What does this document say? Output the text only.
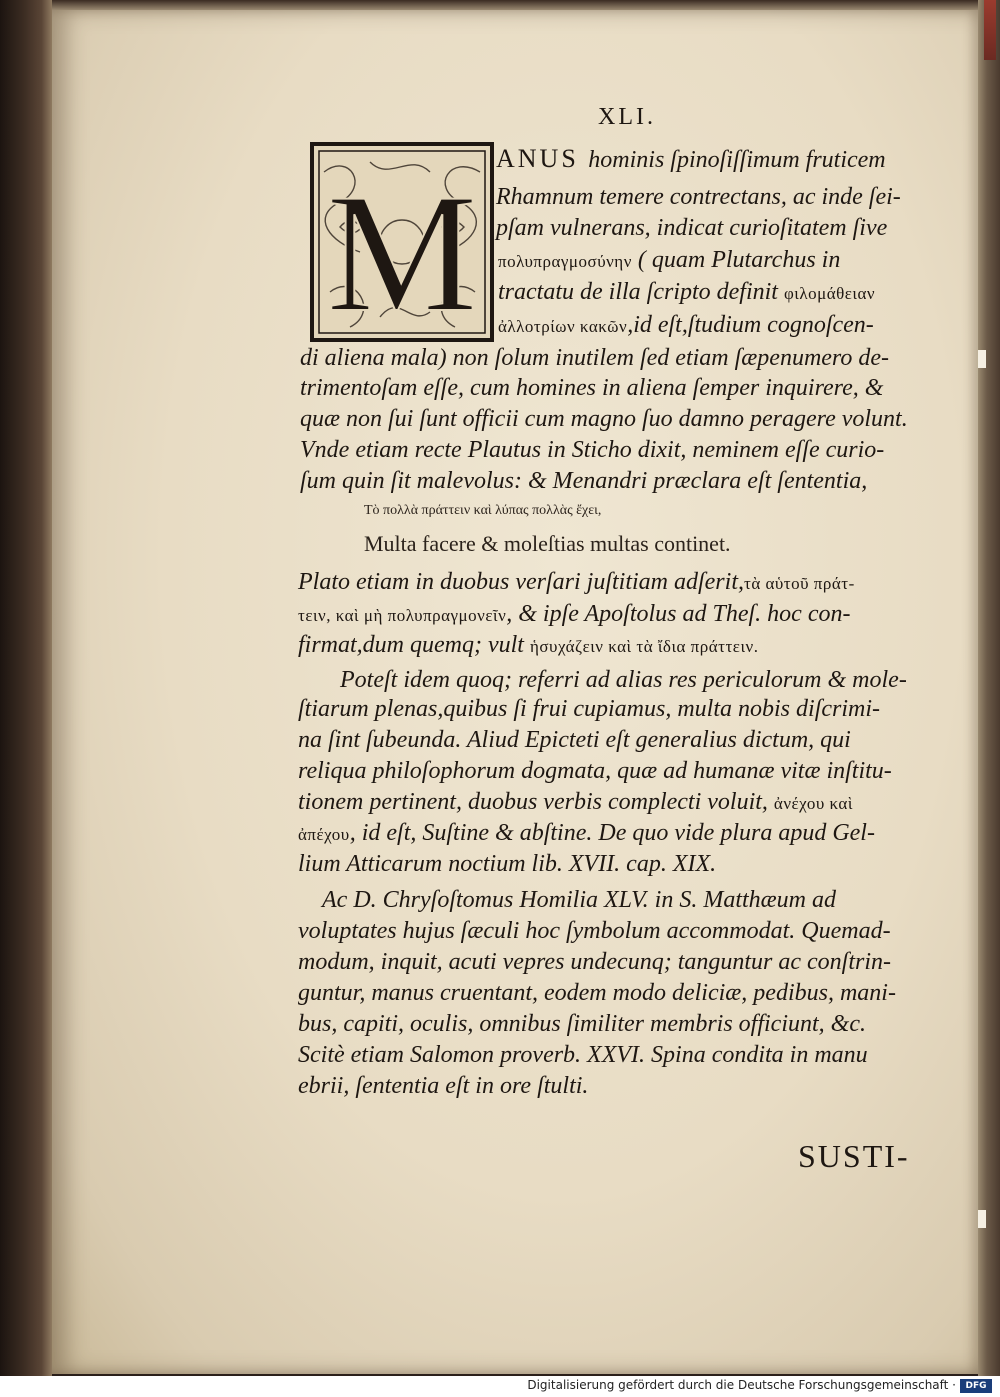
XLI.
M
ANUS hominis ſpinoſiſſimum fruticem
Rhamnum temere contrectans, ac inde ſei-
pſam vulnerans, indicat curioſitatem ſive
πολυπραγμοσύνην ( quam Plutarchus in
tractatu de illa ſcripto definit φιλομάθειαν
ἀλλοτρίων κακῶν,id eſt,ſtudium cognoſcen-
di aliena mala) non ſolum inutilem ſed etiam ſæpenumero de-
trimentoſam eſſe, cum homines in aliena ſemper inquirere, &
quæ non ſui ſunt officii cum magno ſuo damno peragere volunt.
Vnde etiam recte Plautus in Sticho dixit, neminem eſſe curio-
ſum quin ſit malevolus: & Menandri præclara eſt ſententia,
Τὸ πολλὰ πράττειν καὶ λύπας πολλὰς ἔχει,
Multa facere & moleſtias multas continet.
Plato etiam in duobus verſari juſtitiam adſerit,τὰ αὑτοῦ πράτ-
τειν, καὶ μὴ πολυπραγμονεῖν, & ipſe Apoſtolus ad Theſ. hoc con-
firmat,dum quemq; vult ἡσυχάζειν καὶ τὰ ἴδια πράττειν.
Poteſt idem quoq; referri ad alias res periculorum & mole-
ſtiarum plenas,quibus ſi frui cupiamus, multa nobis diſcrimi-
na ſint ſubeunda. Aliud Epicteti eſt generalius dictum, qui
reliqua philoſophorum dogmata, quæ ad humanæ vitæ inſtitu-
tionem pertinent, duobus verbis complecti voluit, ἀνέχου καὶ
ἀπέχου, id eſt, Suſtine & abſtine. De quo vide plura apud Gel-
lium Atticarum noctium lib. XVII. cap. XIX.
Ac D. Chryſoſtomus Homilia XLV. in S. Matthæum ad
voluptates hujus ſæculi hoc ſymbolum accommodat. Quemad-
modum, inquit, acuti vepres undecunq; tanguntur ac conſtrin-
guntur, manus cruentant, eodem modo deliciæ, pedibus, mani-
bus, capiti, oculis, omnibus ſimiliter membris officiunt, &c.
Scitè etiam Salomon proverb. XXVI. Spina condita in manu
ebrii, ſententia eſt in ore ſtulti.
SUSTI-
Digitalisierung gefördert durch die Deutsche Forschungsgemeinschaft ·	DFG
